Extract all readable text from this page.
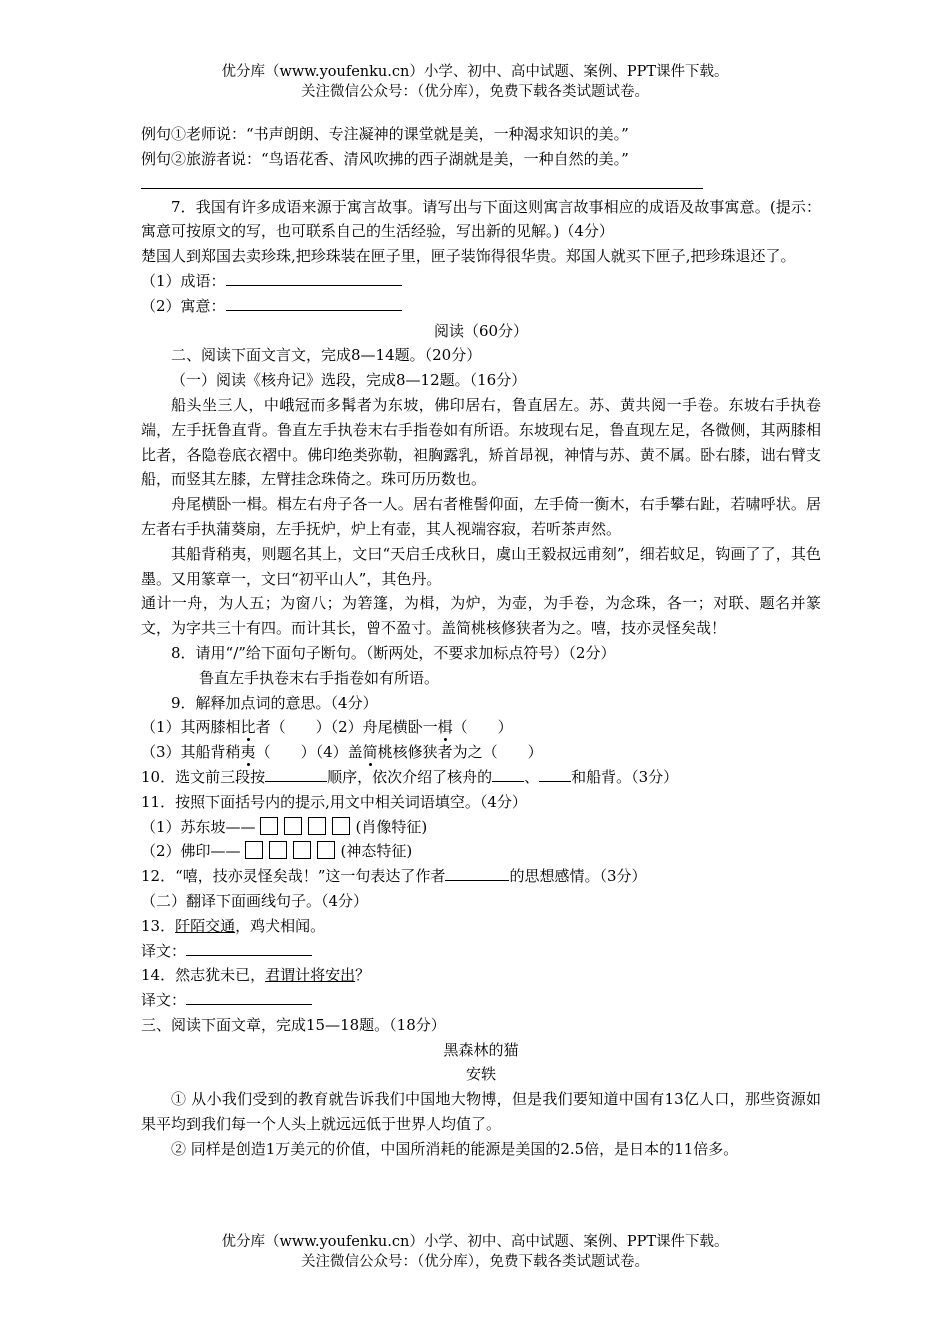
优分库（www.youfenku.cn）小学、初中、高中试题、案例、PPT课件下载。

关注微信公众号：（优分库），免费下载各类试题试卷。

例句①老师说：“书声朗朗、专注凝神的课堂就是美，一种渴求知识的美。”
例句②旅游者说：“鸟语花香、清风吹拂的西子湖就是美，一种自然的美。”
7．我国有许多成语来源于寓言故事。请写出与下面这则寓言故事相应的成语及故事寓意。(提示：寓意可按原文的写，也可联系自己的生活经验，写出新的见解。)（4分）
楚国人到郑国去卖珍珠,把珍珠装在匣子里，匣子装饰得很华贵。郑国人就买下匣子,把珍珠退还了。
（1）成语：
（2）寓意：
阅读（60分）
二、阅读下面文言文，完成8—14题。（20分）
（一）阅读《核舟记》选段，完成8—12题。（16分）
船头坐三人，中峨冠而多髯者为东坡，佛印居右，鲁直居左。苏、黄共阅一手卷。东坡右手执卷端，左手抚鲁直背。鲁直左手执卷末右手指卷如有所语。东坡现右足，鲁直现左足，各微侧，其两膝相比者，各隐卷底衣褶中。佛印绝类弥勒，袒胸露乳，矫首昂视，神情与苏、黄不属。卧右膝，诎右臂支船，而竖其左膝，左臂挂念珠倚之。珠可历历数也。
舟尾横卧一楫。楫左右舟子各一人。居右者椎髻仰面，左手倚一衡木，右手攀右趾，若啸呼状。居左者右手执蒲葵扇，左手抚炉，炉上有壶，其人视端容寂，若听茶声然。
其船背稍夷，则题名其上，文曰“天启壬戌秋日，虞山王毅叔远甫刻”，细若蚊足，钩画了了，其色墨。又用篆章一，文曰“初平山人”，其色丹。
通计一舟，为人五；为窗八；为箬篷，为楫，为炉，为壶，为手卷，为念珠，各一；对联、题名并篆文，为字共三十有四。而计其长，曾不盈寸。盖简桃核修狭者为之。嘻，技亦灵怪矣哉！
8．请用“/”给下面句子断句。（断两处，不要求加标点符号）（2分）
鲁直左手执卷末右手指卷如有所语。
9．解释加点词的意思。（4分）
（1）其两膝相比者（　　）（2）舟尾横卧一楫（　　）
（3）其船背稍夷（　　）（4）盖简桃核修狭者为之（　　）
10．选文前三段按	顺序，依次介绍了核舟的 、 和船背。（3分）
11．按照下面括号内的提示,用文中相关词语填空。（4分）
（1）苏东坡——	(肖像特征)
（2）佛印——	(神态特征)
12．“嘻，技亦灵怪矣哉！”这一句表达了作者	的思想感情。（3分）
（二）翻译下面画线句子。（4分）
13．阡陌交通，鸡犬相闻。
译文：
14．然志犹未已，君谓计将安出？
译文：
三、阅读下面文章，完成15—18题。（18分）
黑森林的猫
安轶
① 从小我们受到的教育就告诉我们中国地大物博，但是我们要知道中国有13亿人口，那些资源如果平均到我们每一个人头上就远远低于世界人均值了。
② 同样是创造1万美元的价值，中国所消耗的能源是美国的2.5倍，是日本的11倍多。

优分库（www.youfenku.cn）小学、初中、高中试题、案例、PPT课件下载。

关注微信公众号：（优分库），免费下载各类试题试卷。
